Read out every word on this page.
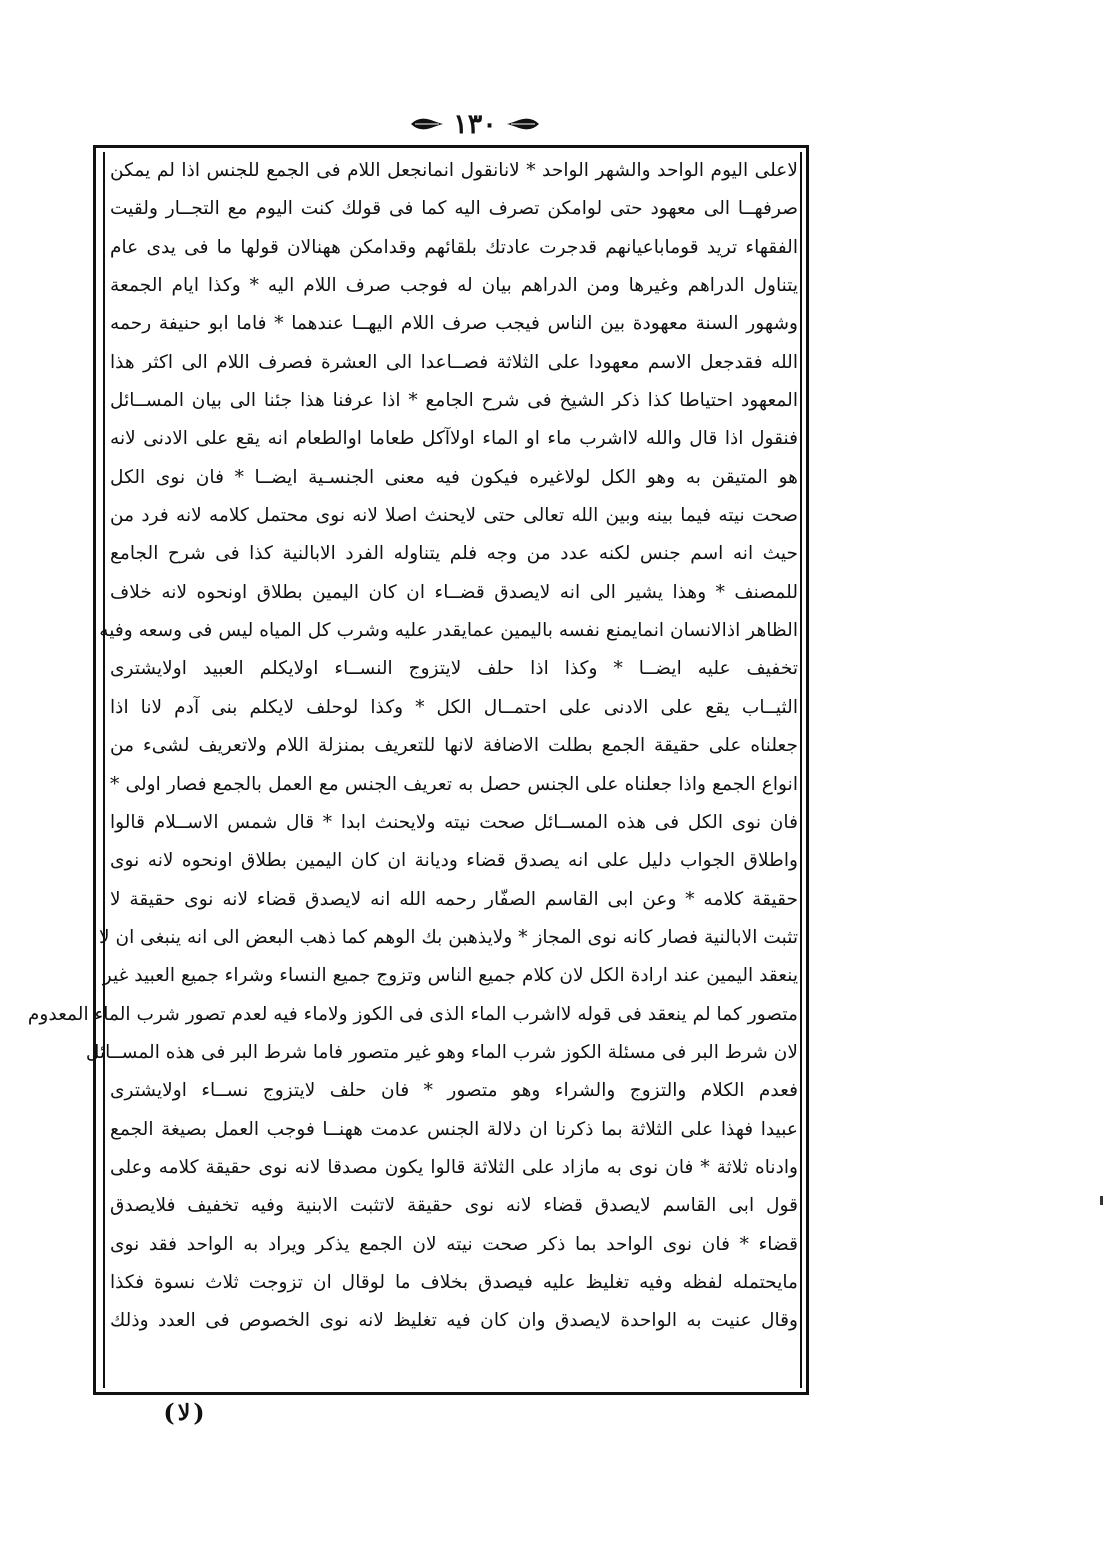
١٣٠
لاعلى اليوم الواحد والشهر الواحد * لانانقول انمانجعل اللام فى الجمع للجنس اذا لم يمكن
صرفهــا الى معهود حتى لوامكن تصرف اليه كما فى قولك كنت اليوم مع التجــار ولقيت
الفقهاء تريد قوماباعيانهم قدجرت عادتك بلقائهم وقدامكن ههنالان قولها ما فى يدى عام
يتناول الدراهم وغيرها ومن الدراهم بيان له فوجب صرف اللام اليه * وكذا ايام الجمعة
وشهور السنة معهودة بين الناس فيجب صرف اللام اليهــا عندهما * فاما ابو حنيفة رحمه
الله فقدجعل الاسم معهودا على الثلاثة فصــاعدا الى العشرة فصرف اللام الى اكثر هذا
المعهود احتياطا كذا ذكر الشيخ فى شرح الجامع * اذا عرفنا هذا جئنا الى بيان المســائل
فنقول اذا قال والله لااشرب ماء او الماء اولاآكل طعاما اوالطعام انه يقع على الادنى لانه
هو المتيقن به وهو الكل لولاغيره فيكون فيه معنى الجنسـية ايضــا * فان نوى الكل
صحت نيته فيما بينه وبين الله تعالى حتى لايحنث اصلا لانه نوى محتمل كلامه لانه فرد من
حيث انه اسم جنس لكنه عدد من وجه فلم يتناوله الفرد الابالنية كذا فى شرح الجامع
للمصنف * وهذا يشير الى انه لايصدق قضــاء ان كان اليمين بطلاق اونحوه لانه خلاف
الظاهر اذالانسان انمايمنع نفسه باليمين عمايقدر عليه وشرب كل المياه ليس فى وسعه وفيه
تخفيف عليه ايضــا * وكذا اذا حلف لايتزوج النســاء اولايكلم العبيد اولايشترى
الثيــاب يقع على الادنى على احتمــال الكل * وكذا لوحلف لايكلم بنى آدم لانا اذا
جعلناه على حقيقة الجمع بطلت الاضافة لانها للتعريف بمنزلة اللام ولاتعريف لشىء من
انواع الجمع واذا جعلناه على الجنس حصل به تعريف الجنس مع العمل بالجمع فصار اولى *
فان نوى الكل فى هذه المســائل صحت نيته ولايحنث ابدا * قال شمس الاســلام قالوا
واطلاق الجواب دليل على انه يصدق قضاء وديانة ان كان اليمين بطلاق اونحوه لانه نوى
حقيقة كلامه * وعن ابى القاسم الصفّار رحمه الله انه لايصدق قضاء لانه نوى حقيقة لا
تثبت الابالنية فصار كانه نوى المجاز * ولايذهبن بك الوهم كما ذهب البعض الى انه ينبغى ان لا
ينعقد اليمين عند ارادة الكل لان كلام جميع الناس وتزوج جميع النساء وشراء جميع العبيد غير
متصور كما لم ينعقد فى قوله لااشرب الماء الذى فى الكوز ولاماء فيه لعدم تصور شرب الماء المعدوم
لان شرط البر فى مسئلة الكوز شرب الماء وهو غير متصور فاما شرط البر فى هذه المســائل
فعدم الكلام والتزوج والشراء وهو متصور * فان حلف لايتزوج نســاء اولايشترى
عبيدا فهذا على الثلاثة بما ذكرنا ان دلالة الجنس عدمت ههنــا فوجب العمل بصيغة الجمع
وادناه ثلاثة * فان نوى به مازاد على الثلاثة قالوا يكون مصدقا لانه نوى حقيقة كلامه وعلى
قول ابى القاسم لايصدق قضاء لانه نوى حقيقة لاتثبت الابنية وفيه تخفيف فلايصدق
قضاء * فان نوى الواحد بما ذكر صحت نيته لان الجمع يذكر ويراد به الواحد فقد نوى
مايحتمله لفظه وفيه تغليظ عليه فيصدق بخلاف ما لوقال ان تزوجت ثلاث نسوة فكذا
وقال عنيت به الواحدة لايصدق وان كان فيه تغليظ لانه نوى الخصوص فى العدد وذلك
(
لا
)
